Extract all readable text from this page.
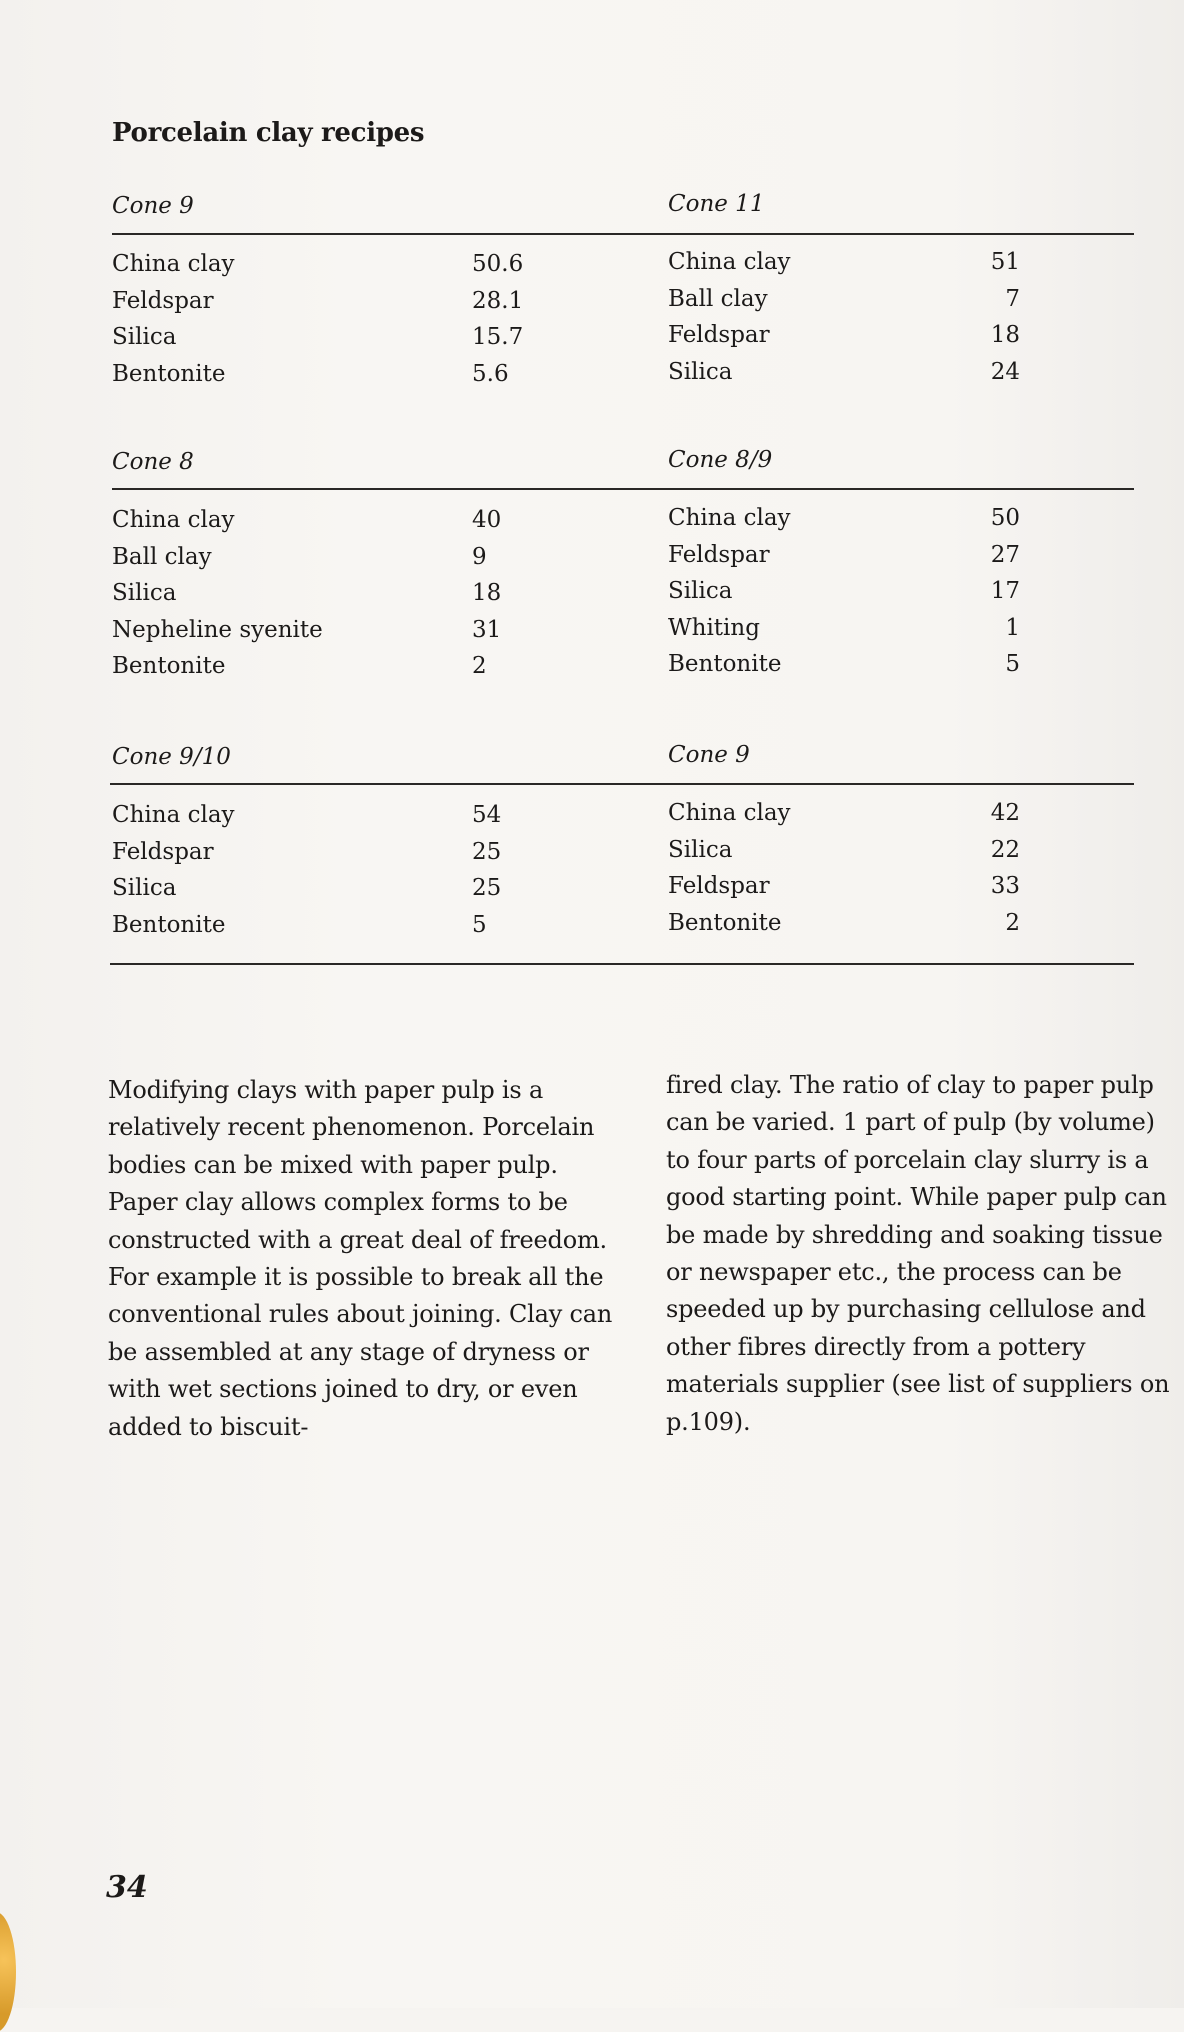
Porcelain clay recipes
Cone 9
China clay	50.6
Feldspar	28.1
Silica	15.7
Bentonite	5.6
Cone 11
China clay	51
Ball clay	7
Feldspar	18
Silica	24
Cone 8
China clay	40
Ball clay	9
Silica	18
Nepheline syenite	31
Bentonite	2
Cone 8/9
China clay	50
Feldspar	27
Silica	17
Whiting	1
Bentonite	5
Cone 9/10
China clay	54
Feldspar	25
Silica	25
Bentonite	5
Cone 9
China clay	42
Silica	22
Feldspar	33
Bentonite	2
Modifying clays with paper pulp is a relatively recent phenomenon. Porcelain bodies can be mixed with paper pulp. Paper clay allows complex forms to be constructed with a great deal of freedom. For example it is possible to break all the conventional rules about joining. Clay can be assembled at any stage of dryness or with wet sections joined to dry, or even added to biscuit-
fired clay. The ratio of clay to paper pulp can be varied. 1 part of pulp (by volume) to four parts of porcelain clay slurry is a good starting point. While paper pulp can be made by shredding and soaking tissue or newspaper etc., the process can be speeded up by purchasing cellulose and other fibres directly from a pottery materials supplier (see list of suppliers on p.109).
34
